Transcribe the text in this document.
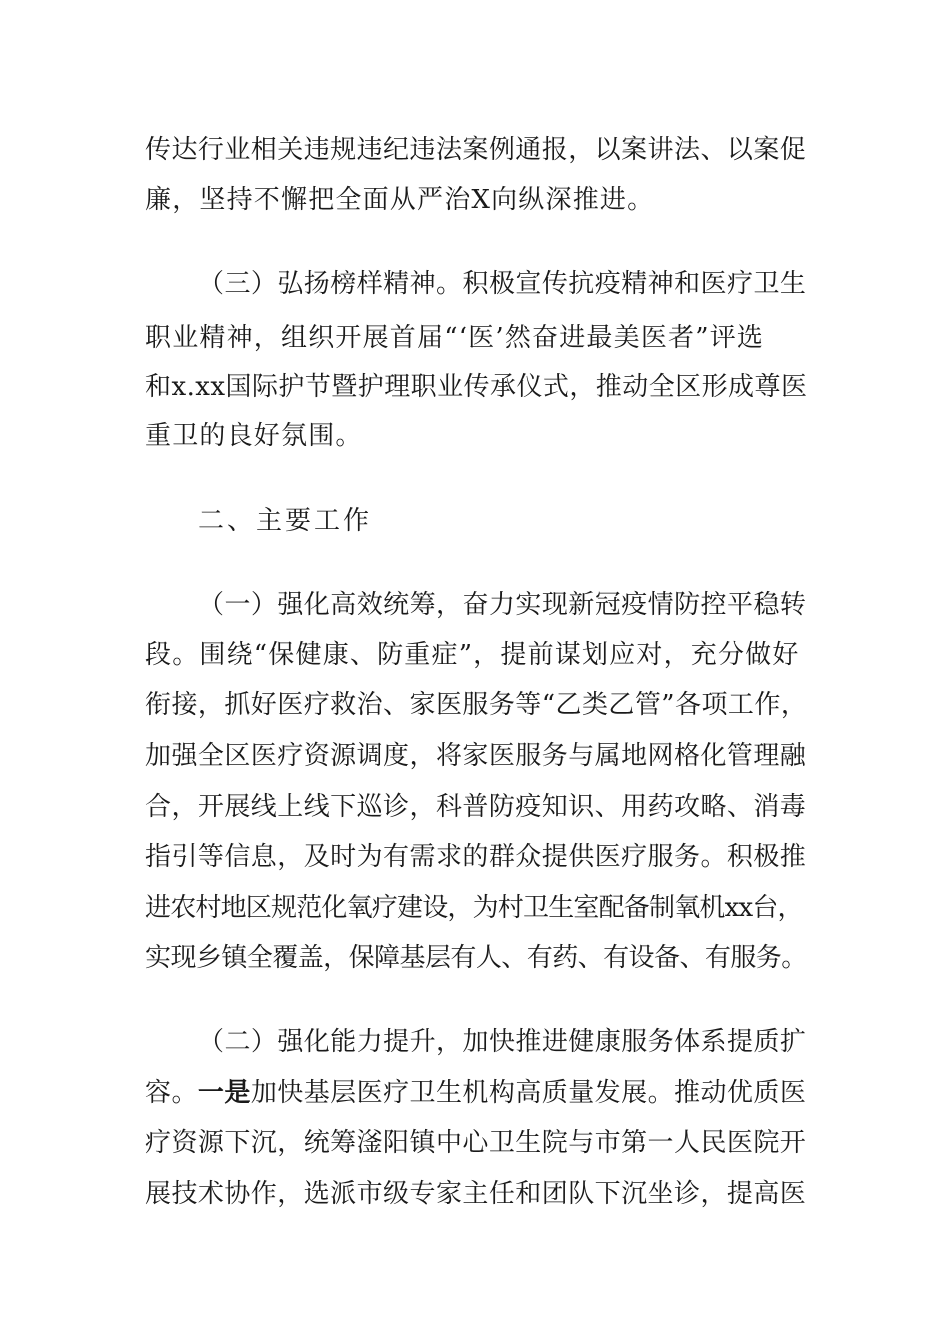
传达行业相关违规违纪违法案例通报，以案讲法、以案促
廉，坚持不懈把全面从严治X向纵深推进。
（三）弘扬榜样精神。积极宣传抗疫精神和医疗卫生
职业精神，组织开展首届“‘医’然奋进最美医者”评选
和x.xx国际护节暨护理职业传承仪式，推动全区形成尊医
重卫的良好氛围。
二、主要工作
（一）强化高效统筹，奋力实现新冠疫情防控平稳转
段。围绕“保健康、防重症”，提前谋划应对，充分做好
衔接，抓好医疗救治、家医服务等“乙类乙管”各项工作，
加强全区医疗资源调度，将家医服务与属地网格化管理融
合，开展线上线下巡诊，科普防疫知识、用药攻略、消毒
指引等信息，及时为有需求的群众提供医疗服务。积极推
进农村地区规范化氧疗建设，为村卫生室配备制氧机xx台，
实现乡镇全覆盖，保障基层有人、有药、有设备、有服务。
（二）强化能力提升，加快推进健康服务体系提质扩
容。一是加快基层医疗卫生机构高质量发展。推动优质医
疗资源下沉，统筹滏阳镇中心卫生院与市第一人民医院开
展技术协作，选派市级专家主任和团队下沉坐诊，提高医
